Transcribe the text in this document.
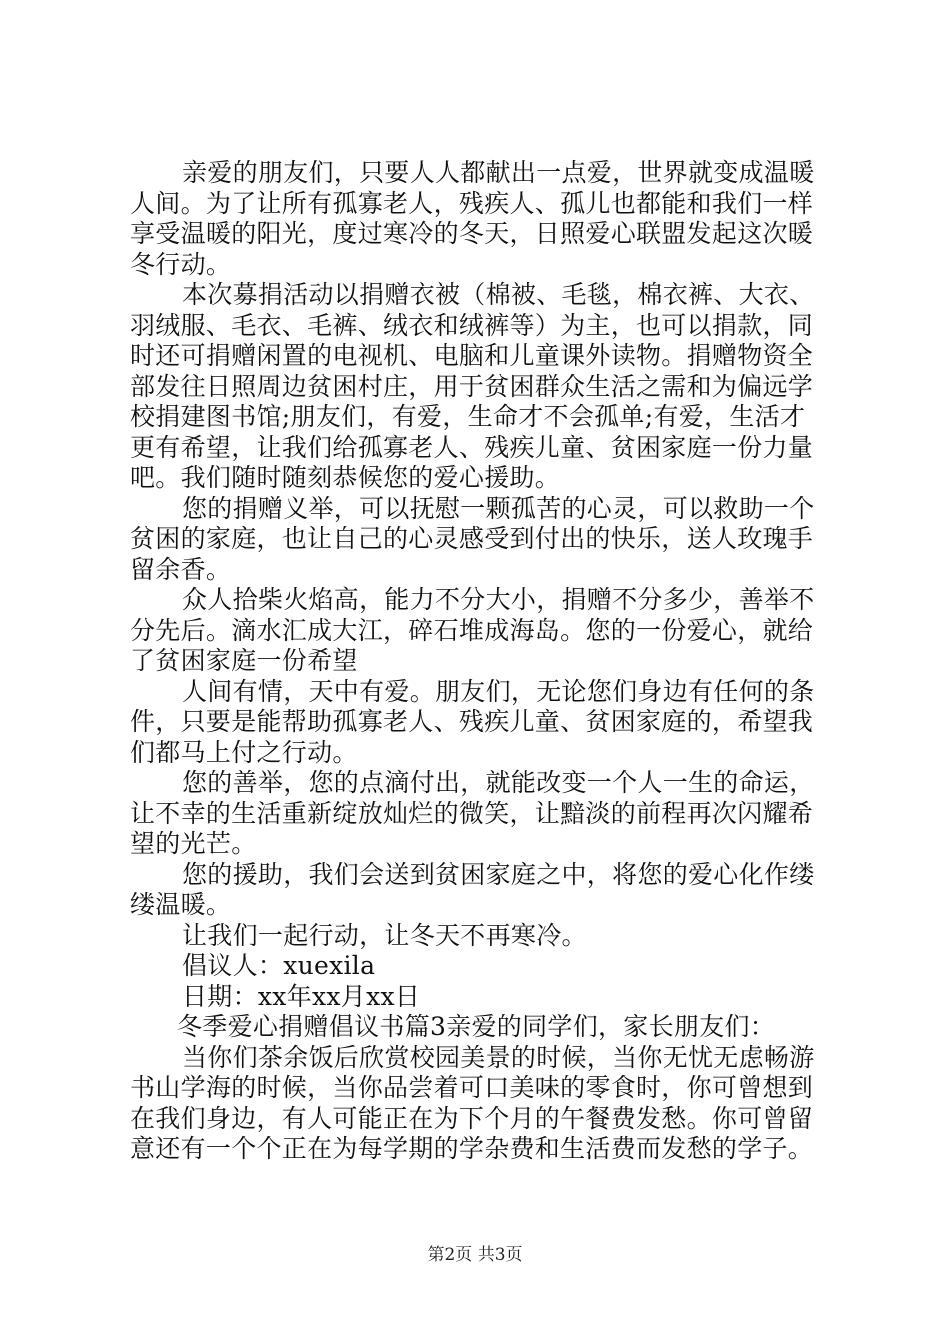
亲爱的朋友们，只要人人都献出一点爱，世界就变成温暖
人间。为了让所有孤寡老人，残疾人、孤儿也都能和我们一样
享受温暖的阳光，度过寒冷的冬天，日照爱心联盟发起这次暖
冬行动。
本次募捐活动以捐赠衣被（棉被、毛毯，棉衣裤、大衣、
羽绒服、毛衣、毛裤、绒衣和绒裤等）为主，也可以捐款，同
时还可捐赠闲置的电视机、电脑和儿童课外读物。捐赠物资全
部发往日照周边贫困村庄，用于贫困群众生活之需和为偏远学
校捐建图书馆;朋友们，有爱，生命才不会孤单;有爱，生活才
更有希望，让我们给孤寡老人、残疾儿童、贫困家庭一份力量
吧。我们随时随刻恭候您的爱心援助。
您的捐赠义举，可以抚慰一颗孤苦的心灵，可以救助一个
贫困的家庭，也让自己的心灵感受到付出的快乐，送人玫瑰手
留余香。
众人拾柴火焰高，能力不分大小，捐赠不分多少，善举不
分先后。滴水汇成大江，碎石堆成海岛。您的一份爱心，就给
了贫困家庭一份希望
人间有情，天中有爱。朋友们，无论您们身边有任何的条
件，只要是能帮助孤寡老人、残疾儿童、贫困家庭的，希望我
们都马上付之行动。
您的善举，您的点滴付出，就能改变一个人一生的命运，
让不幸的生活重新绽放灿烂的微笑，让黯淡的前程再次闪耀希
望的光芒。
您的援助，我们会送到贫困家庭之中，将您的爱心化作缕
缕温暖。
让我们一起行动，让冬天不再寒冷。
倡议人：xuexila
日期：xx年xx月xx日
冬季爱心捐赠倡议书篇3亲爱的同学们，家长朋友们：
当你们茶余饭后欣赏校园美景的时候，当你无忧无虑畅游
书山学海的时候，当你品尝着可口美味的零食时，你可曾想到
在我们身边，有人可能正在为下个月的午餐费发愁。你可曾留
意还有一个个正在为每学期的学杂费和生活费而发愁的学子。
第2页 共3页
